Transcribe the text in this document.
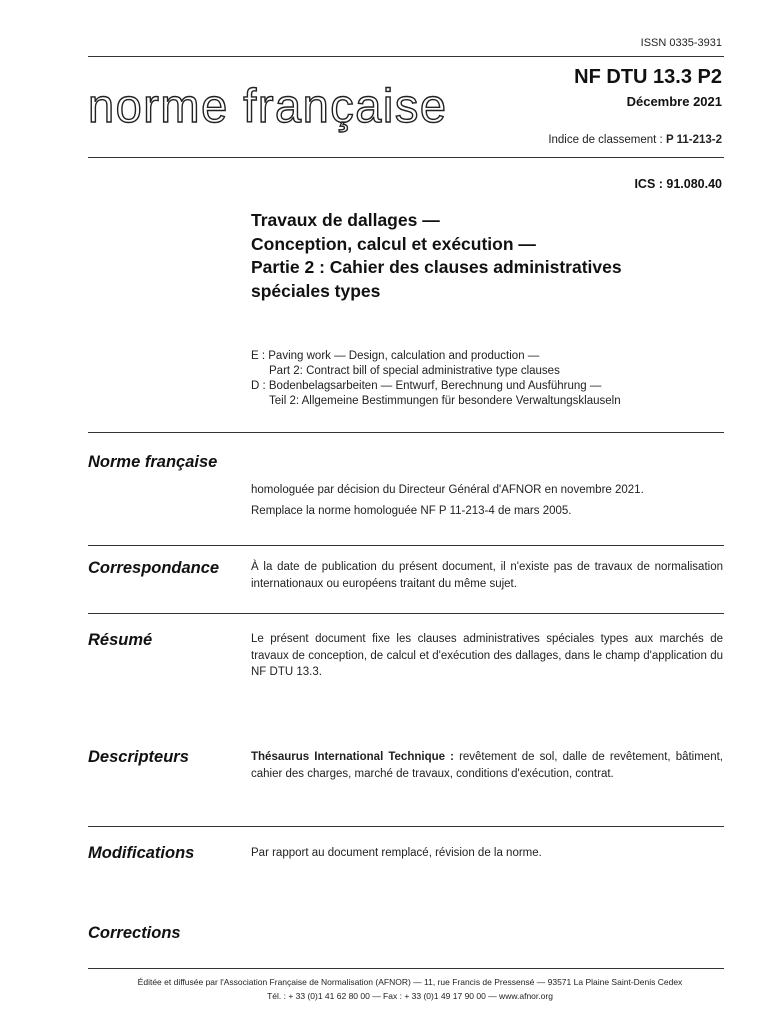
ISSN 0335-3931
norme française
NF DTU 13.3 P2
Décembre 2021
Indice de classement : P 11-213-2
ICS : 91.080.40
Travaux de dallages —
Conception, calcul et exécution —
Partie 2 : Cahier des clauses administratives
spéciales types
E : Paving work — Design, calculation and production —
Part 2: Contract bill of special administrative type clauses
D : Bodenbelagsarbeiten — Entwurf, Berechnung und Ausführung —
Teil 2: Allgemeine Bestimmungen für besondere Verwaltungsklauseln
Norme française
homologuée par décision du Directeur Général d'AFNOR en novembre 2021.
Remplace la norme homologuée NF P 11-213-4 de mars 2005.
Correspondance	À la date de publication du présent document, il n'existe pas de travaux de normalisation internationaux ou européens traitant du même sujet.
Résumé	Le présent document fixe les clauses administratives spéciales types aux marchés de travaux de conception, de calcul et d'exécution des dallages, dans le champ d'application du NF DTU 13.3.
Descripteurs	Thésaurus International Technique : revêtement de sol, dalle de revêtement, bâtiment, cahier des charges, marché de travaux, conditions d'exécution, contrat.
Modifications	Par rapport au document remplacé, révision de la norme.
Corrections
Éditée et diffusée par l'Association Française de Normalisation (AFNOR) — 11, rue Francis de Pressensé — 93571 La Plaine Saint-Denis Cedex
Tél. : + 33 (0)1 41 62 80 00 — Fax : + 33 (0)1 49 17 90 00 — www.afnor.org
